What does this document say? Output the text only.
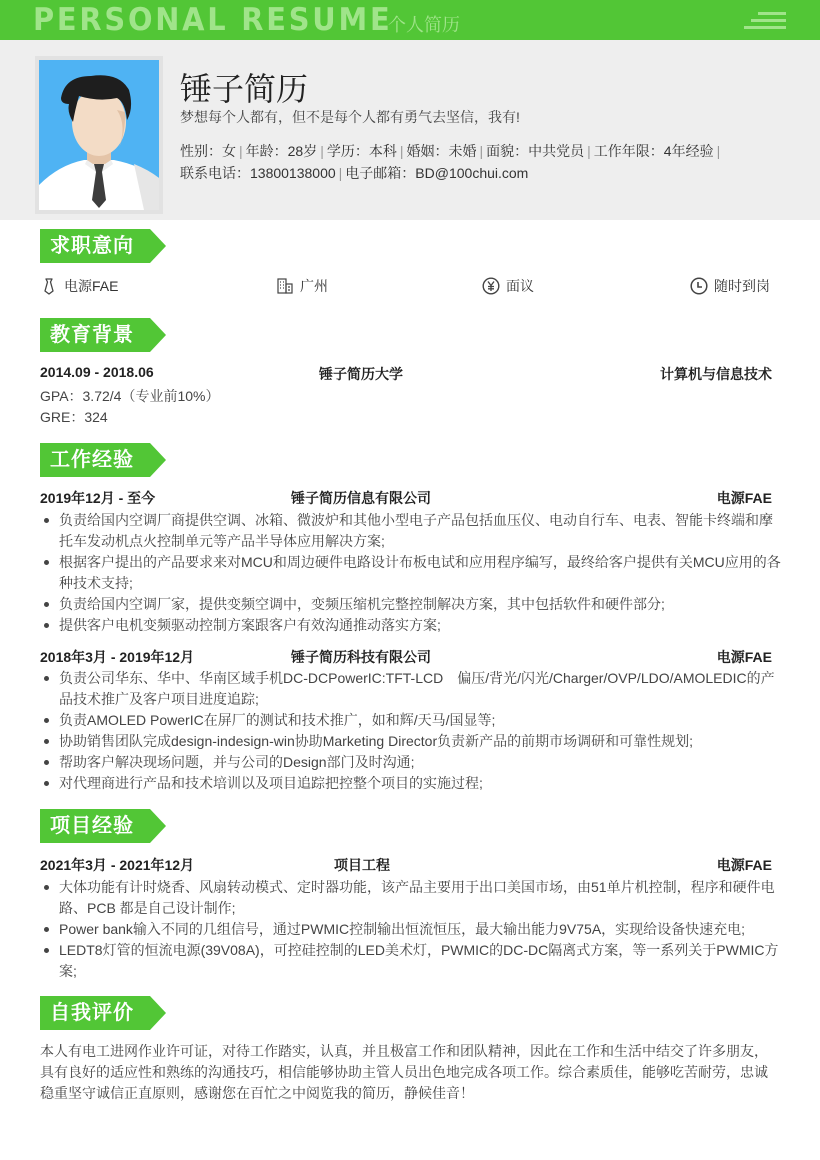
PERSONAL RESUME
个人简历
锤子简历
梦想每个人都有，但不是每个人都有勇气去坚信，我有!
性别：女 | 年龄：28岁 | 学历：本科 | 婚姻：未婚 | 面貌：中共党员 | 工作年限：4年经验 |
联系电话：13800138000 | 电子邮箱：BD@100chui.com
求职意向
电源FAE	广州	面议	随时到岗
教育背景
2014.09 - 2018.06	锤子简历大学	计算机与信息技术
GPA：3.72/4（专业前10%）
GRE：324
工作经验
2019年12月 - 至今	锤子简历信息有限公司	电源FAE
负责给国内空调厂商提供空调、冰箱、微波炉和其他小型电子产品包括血压仪、电动自行车、电表、智能卡终端和摩托车发动机点火控制单元等产品半导体应用解决方案;
根据客户提出的产品要求来对MCU和周边硬件电路设计布板电试和应用程序编写，最终给客户提供有关MCU应用的各种技术支持;
负责给国内空调厂家，提供变频空调中，变频压缩机完整控制解决方案，其中包括软件和硬件部分;
提供客户电机变频驱动控制方案跟客户有效沟通推动落实方案;
2018年3月 - 2019年12月	锤子简历科技有限公司	电源FAE
负责公司华东、华中、华南区域手机DC-DCPowerIC:TFT-LCD　偏压/背光/闪光/Charger/OVP/LDO/AMOLEDIC的产品技术推广及客户项目进度追踪;
负责AMOLED PowerIC在屏厂的测试和技术推广，如和辉/天马/国显等;
协助销售团队完成design-indesign-win协助Marketing Director负责新产品的前期市场调研和可靠性规划;
帮助客户解决现场问题，并与公司的Design部门及时沟通;
对代理商进行产品和技术培训以及项目追踪把控整个项目的实施过程;
项目经验
2021年3月 - 2021年12月	项目工程	电源FAE
大体功能有计时烧香、风扇转动模式、定时器功能，该产品主要用于出口美国市场，由51单片机控制，程序和硬件电路、PCB 都是自己设计制作;
Power bank输入不同的几组信号，通过PWMIC控制输出恒流恒压，最大输出能力9V75A，实现给设备快速充电;
LEDT8灯管的恒流电源(39V08A)，可控硅控制的LED美术灯，PWMIC的DC-DC隔离式方案，等一系列关于PWMIC方案;
自我评价
本人有电工进网作业许可证，对待工作踏实，认真，并且极富工作和团队精神，因此在工作和生活中结交了许多朋友，具有良好的适应性和熟练的沟通技巧，相信能够协助主管人员出色地完成各项工作。综合素质佳，能够吃苦耐劳，忠诚稳重坚守诚信正直原则，感谢您在百忙之中阅览我的简历，静候佳音！
